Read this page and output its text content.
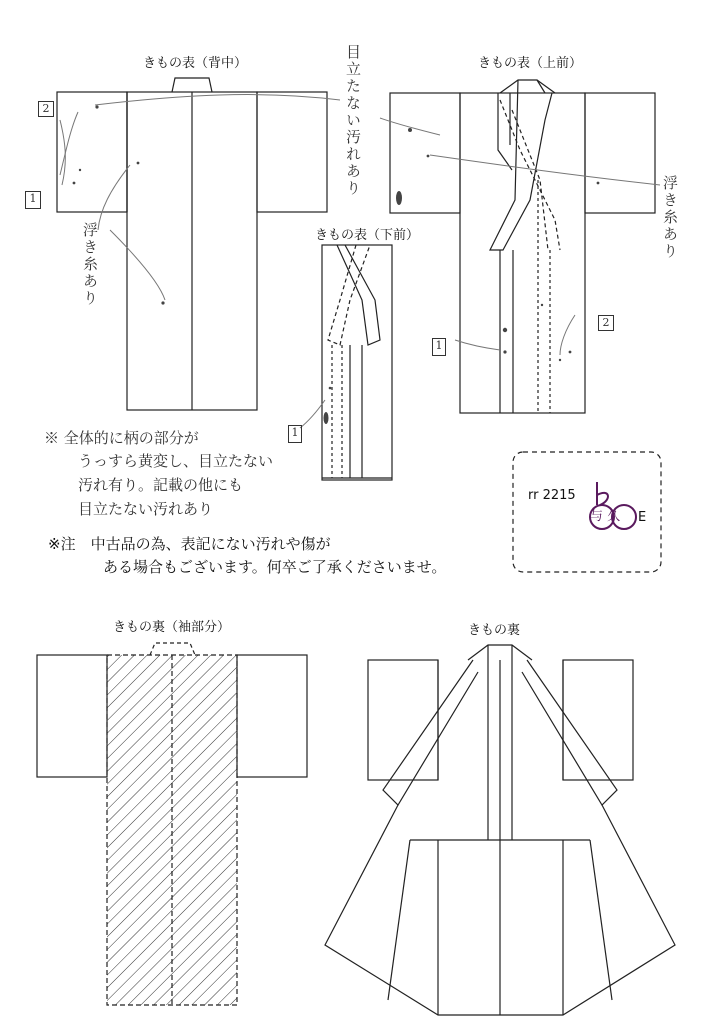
きもの表（背中）	きもの表（上前）
きもの表（下前）
きもの裏（袖部分）	きもの裏
目立たない汚れあり
浮き糸あり
浮き糸あり
2
1
1
2
1
※ 全体的に柄の部分が
うっすら黄変し、目立たない
汚れ有り。記載の他にも
目立たない汚れあり
※注　中古品の為、表記にない汚れや傷が
ある場合もございます。何卒ご了承くださいませ。
rr 2215
E
与 久
